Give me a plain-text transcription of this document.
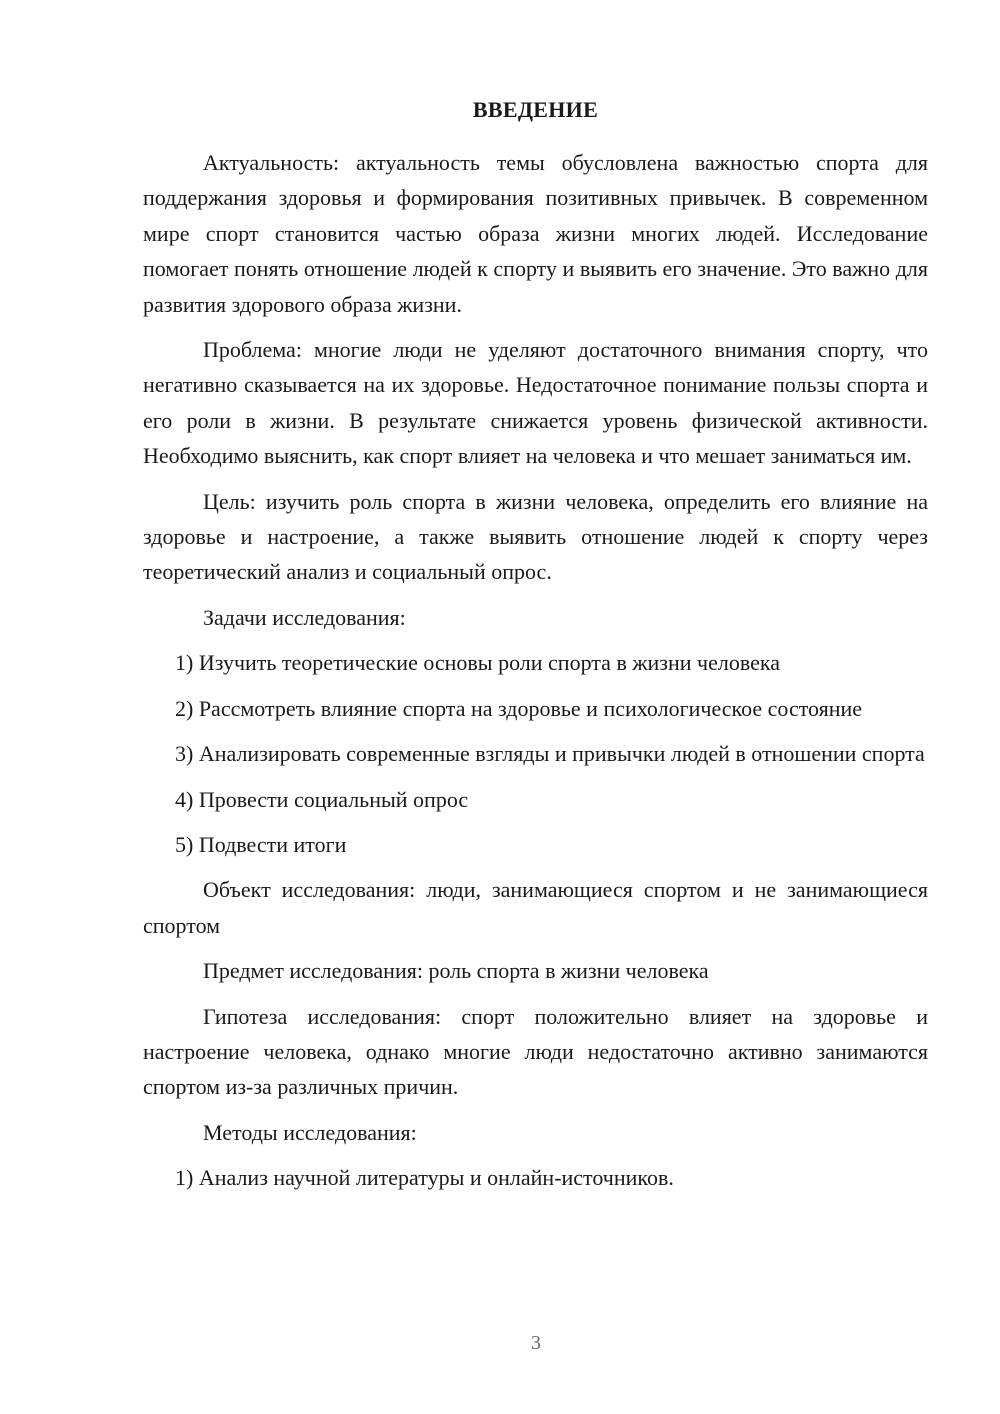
ВВЕДЕНИЕ

Актуальность: актуальность темы обусловлена важностью спорта для поддержания здоровья и формирования позитивных привычек. В современном мире спорт становится частью образа жизни многих людей. Исследование помогает понять отношение людей к спорту и выявить его значение. Это важно для развития здорового образа жизни.

Проблема: многие люди не уделяют достаточного внимания спорту, что негативно сказывается на их здоровье. Недостаточное понимание пользы спорта и его роли в жизни. В результате снижается уровень физической активности. Необходимо выяснить, как спорт влияет на человека и что мешает заниматься им.

Цель: изучить роль спорта в жизни человека, определить его влияние на здоровье и настроение, а также выявить отношение людей к спорту через теоретический анализ и социальный опрос.

Задачи исследования:

1) Изучить теоретические основы роли спорта в жизни человека

2) Рассмотреть влияние спорта на здоровье и психологическое состояние

3) Анализировать современные взгляды и привычки людей в отношении спорта

4) Провести социальный опрос

5) Подвести итоги

Объект исследования: люди, занимающиеся спортом и не занимающиеся спортом

Предмет исследования: роль спорта в жизни человека

Гипотеза исследования: спорт положительно влияет на здоровье и настроение человека, однако многие люди недостаточно активно занимаются спортом из-за различных причин.

Методы исследования:

1) Анализ научной литературы и онлайн-источников.

3
